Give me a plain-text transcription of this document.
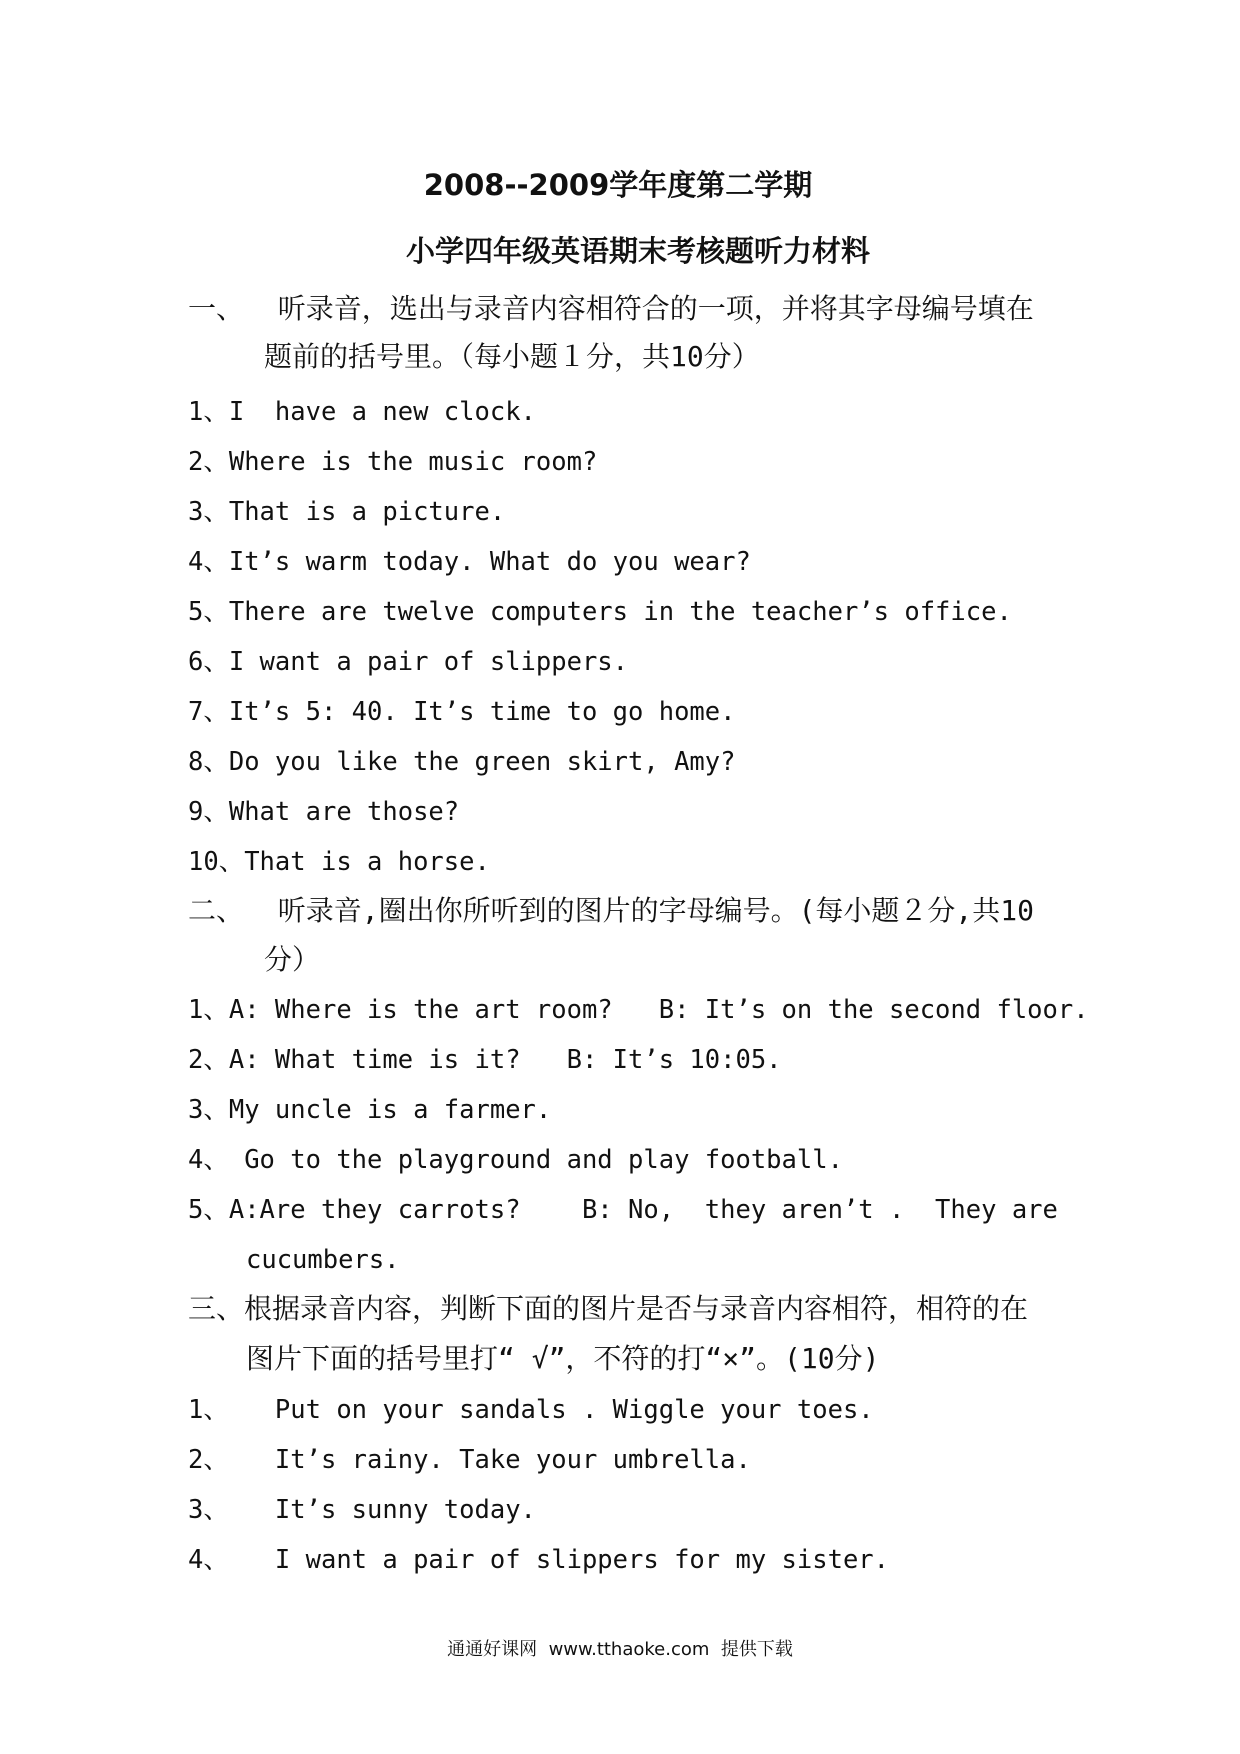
2008--2009学年度第二学期
小学四年级英语期末考核题听力材料
一、  听录音，选出与录音内容相符合的一项，并将其字母编号填在
题前的括号里。（每小题１分，共10分）
1、I  have a new clock.
2、Where is the music room?
3、That is a picture.
4、It’s warm today. What do you wear?
5、There are twelve computers in the teacher’s office.
6、I want a pair of slippers.
7、It’s 5: 40. It’s time to go home.
8、Do you like the green skirt, Amy?
9、What are those?
10、That is a horse.
二、  听录音,圈出你所听到的图片的字母编号。(每小题２分,共10
分）
1、A: Where is the art room?   B: It’s on the second floor.
2、A: What time is it?   B: It’s 10:05.
3、My uncle is a farmer.
4、 Go to the playground and play football.
5、A:Are they carrots?    B: No,  they aren’t .  They are
cucumbers.
三、根据录音内容，判断下面的图片是否与录音内容相符，相符的在
图片下面的括号里打“ √”，不符的打“×”。(10分)
1、   Put on your sandals . Wiggle your toes.
2、   It’s rainy. Take your umbrella.
3、   It’s sunny today.
4、   I want a pair of slippers for my sister.
通通好课网  www.tthaoke.com  提供下载
